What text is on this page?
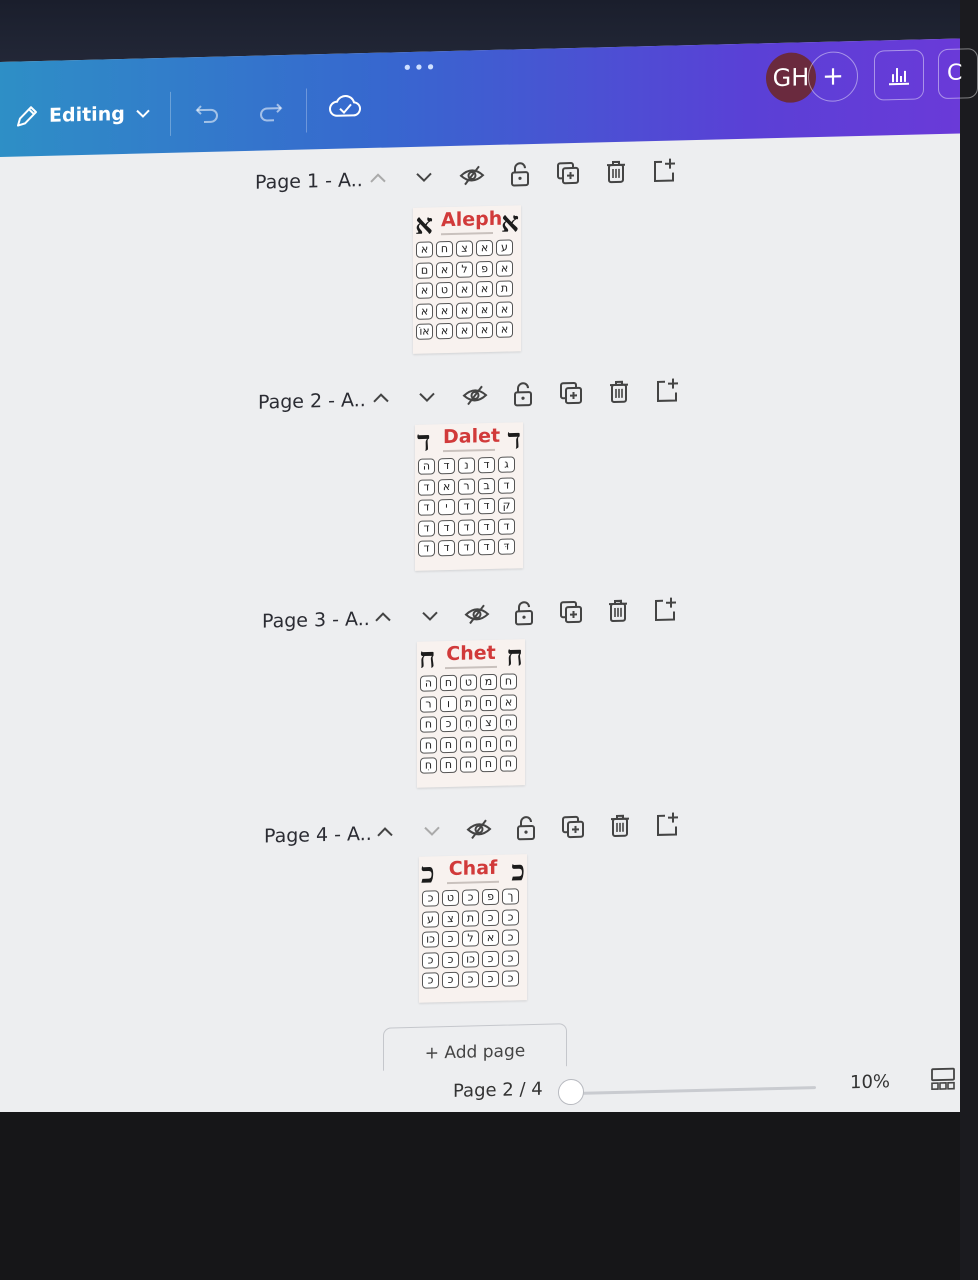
•••
Editing
GH +	C
Page 1 - A..
א Aleph
א
א	ח	צ	א	ע
ם	א	ל	פ	א
א	ט	א	א	ת
א	א	א	אּ	א
אוֹ	א	א	א	א
Page 2 - A..
ד Dalet ד
ה	ד	נ	ד	ג
ד	א	ר	ב	ד
ד	י	ד	ד	ק
ד	ד	ד	ד	ד
ד	ד	ד	ד	דּ
Page 3 - A..
ח Chet ח
ה	ח	ט	מ	ח
ר	ו	ת	ח	א
ח	כ	חִ	צ	חִ
ח	ח	ח	ח	ח
חִ	ח	ח	ח	ח
Page 4 - A..
כ Chaf כ
כ	ט	כ	פ	ך
ע	צ	ת	כ	כ
כו	כ	ל	א	כ
כ	כ	כו	כ	כ
כ	כ	כ	כ	כ
+ Add page
Page 2 / 4	10%
